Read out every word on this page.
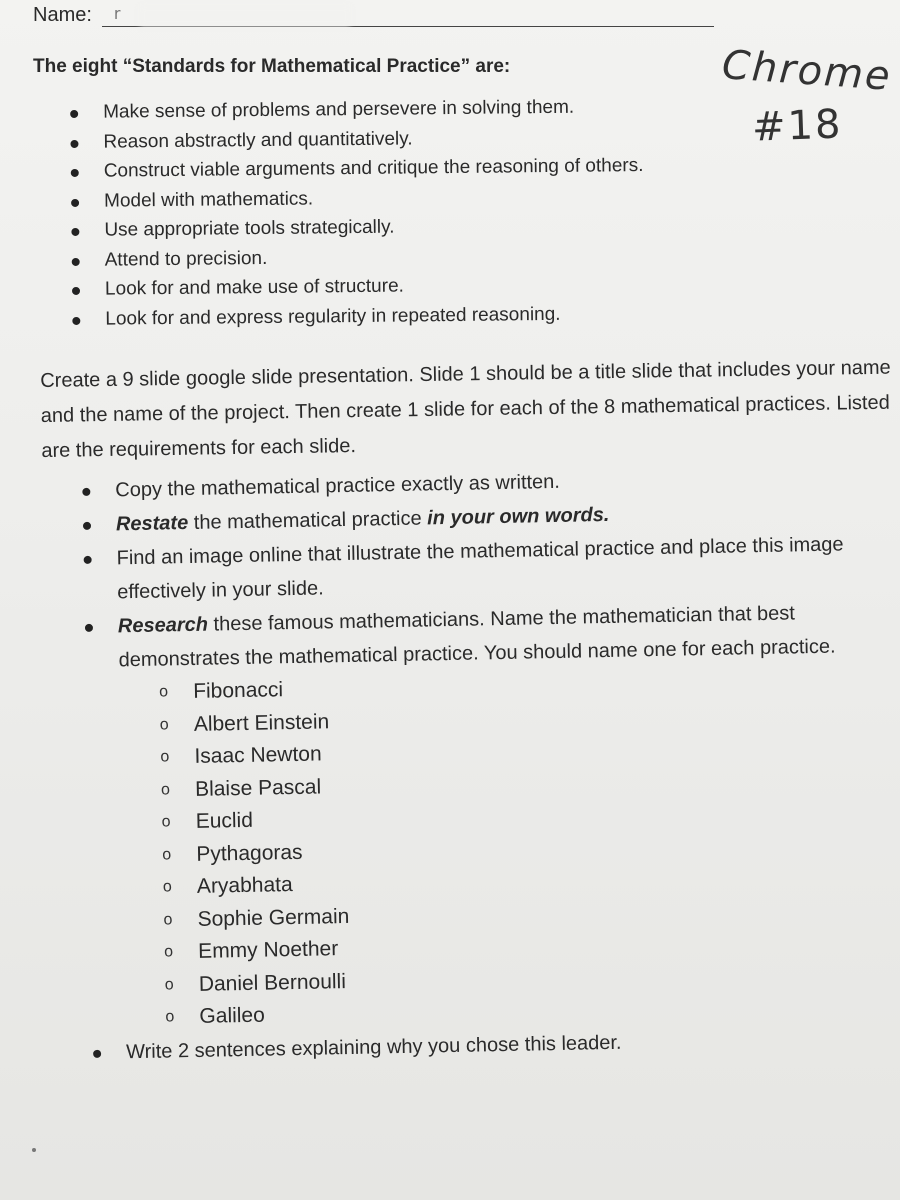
Name: r
The eight “Standards for Mathematical Practice” are:	Chrome
#18
Make sense of problems and persevere in solving them.
Reason abstractly and quantitatively.
Construct viable arguments and critique the reasoning of others.
Model with mathematics.
Use appropriate tools strategically.
Attend to precision.
Look for and make use of structure.
Look for and express regularity in repeated reasoning.
Create a 9 slide google slide presentation. Slide 1 should be a title slide that includes your name and the name of the project. Then create 1 slide for each of the 8 mathematical practices. Listed are the requirements for each slide.
Copy the mathematical practice exactly as written.
Restate the mathematical practice in your own words.
Find an image online that illustrate the mathematical practice and place this image effectively in your slide.
Research these famous mathematicians. Name the mathematician that best demonstrates the mathematical practice. You should name one for each practice.
o Fibonacci
o Albert Einstein
o Isaac Newton
o Blaise Pascal
o Euclid
o Pythagoras
o Aryabhata
o Sophie Germain
o Emmy Noether
o Daniel Bernoulli
o Galileo
Write 2 sentences explaining why you chose this leader.
